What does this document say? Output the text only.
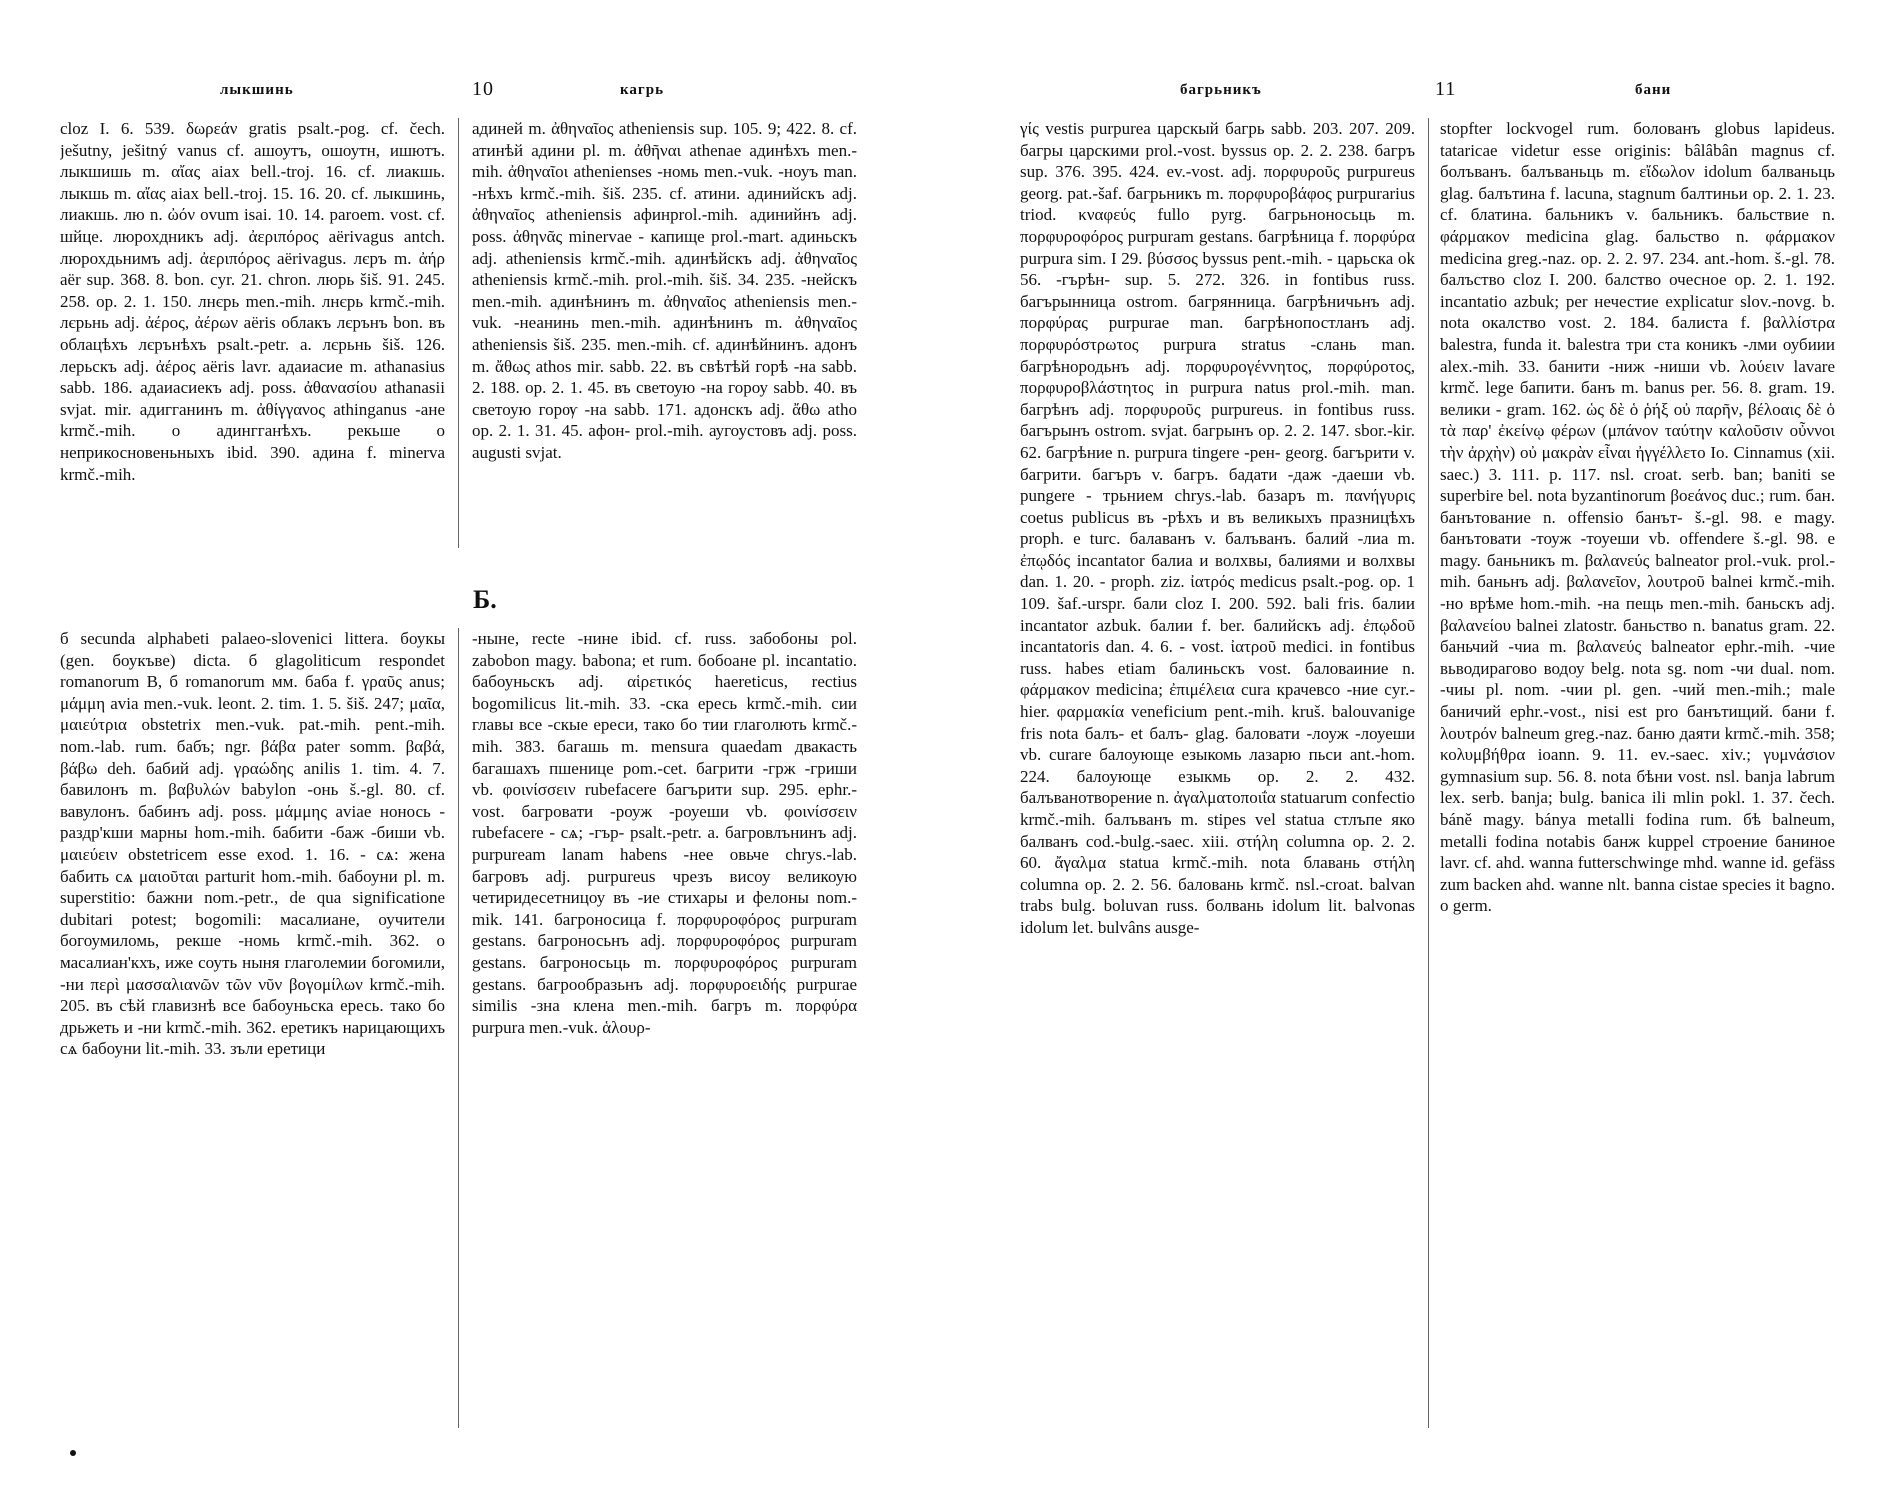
лыкшинь	10	кагрь

cloz I. 6. 539. δωρεάν gratis psalt.-pog. cf. čech. ješutny, ješitný vanus cf. ашоутъ, ошоутн, ишютъ. лыкшишь m. αἴας aiax bell.-troj. 16. cf. лиакшь. лыкшь m. αἴας aiax bell.-troj. 15. 16. 20. cf. лыкшинь, лиакшь. лю n. ὠόν ovum isai. 10. 14. paroem. vost. cf. шйце. люрохдникъ adj. ἀεριπόρος aërivagus antch. люрохдьнимъ adj. ἀεριπόρος aërivagus. лєръ m. ἀήρ aër sup. 368. 8. bon. cyr. 21. chron. люрь šiš. 91. 245. 258. op. 2. 1. 150. лнєрь men.-mih. лнєрь krmč.-mih. лєрьнь adj. ἀέρος, ἀέρων aëris облакъ лєрънъ bon. въ облацѣхъ лєрънѣхъ psalt.-petr. a. лєрьнь šiš. 126. лерьскъ adj. ἀέρος aëris lavr. адаиасие m. athanasius sabb. 186. адаиасиекъ adj. poss. ἀθανασίου athanasii svjat. mir. адигганинъ m. ἀθίγγανος athinganus -ане krmč.-mih. о адингганѣхъ. рекьше о неприкосновеньныхъ ibid. 390. адина f. minerva krmč.-mih.

адиней m. ἀθηναῖος atheniensis sup. 105. 9; 422. 8. cf. атинѣй адини pl. m. ἀθῆναι athenae адинѣхъ men.-mih. ἀθηναῖοι athenienses -номь men.-vuk. -ноуъ man. -нѣхъ krmč.-mih. šiš. 235. cf. атини. адинийскъ adj. ἀθηναῖος atheniensis афинprol.-mih. адинийнъ adj. poss. ἀθηνᾶς minervae - капище prol.-mart. адиньскъ adj. atheniensis krmč.-mih. адинѣйскъ adj. ἀθηναῖος atheniensis krmč.-mih. prol.-mih. šiš. 34. 235. -нейскъ men.-mih. адинѣнинъ m. ἀθηναῖος atheniensis men.-vuk. -неанинь men.-mih. адинѣнинъ m. ἀθηναῖος atheniensis šiš. 235. men.-mih. cf. адинѣйнинъ. адонъ m. ἄθως athos mir. sabb. 22. въ свѣтѣй горѣ -на sabb. 2. 188. op. 2. 1. 45. въ светоую -на гороу sabb. 40. въ светоую горѹ -на sabb. 171. адонскъ adj. ἄθω atho op. 2. 1. 31. 45. афон- prol.-mih. аугоустовъ adj. poss. augusti svjat.

Б.

б secunda alphabeti palaeo-slovenici littera. боукы (gen. боукъве) dicta. б glagoliticum respondet romanorum B, б romanorum мм. баба f. γραῦς anus; μάμμη avia men.-vuk. leont. 2. tim. 1. 5. šiš. 247; μαῖα, μαιεύτρια obstetrix men.-vuk. pat.-mih. pent.-mih. nom.-lab. rum. бабъ; ngr. βάβα pater somm. βαβά, βάβω deh. бабий adj. γραώδης anilis 1. tim. 4. 7. бавилонъ m. βαβυλών babylon -онь š.-gl. 80. cf. вавулонъ. бабинъ adj. poss. μάμμης aviae нонось - раздр'кши марны hom.-mih. бабити -баж -биши vb. μαιεύειν obstetricem esse exod. 1. 16. - сѧ: жена бабить сѧ μαιοῦται parturit hom.-mih. бабоуни pl. m. superstitio: бажни nom.-petr., de qua significatione dubitari potest; bogomili: масалиане, оучители богоумиломь, рекше -номь krmč.-mih. 362. о масалиан'кхъ, иже соуть ныня глаголемии богомили, -ни περὶ μασσαλιανῶν τῶν νῦν βογομίλων krmč.-mih. 205. въ сѣй главизнѣ все бабоуньска ересь. тако бо дрьжеть и -ни krmč.-mih. 362. еретикъ нарицающихъ сѧ бабоуни lit.-mih. 33. зъли еретици

-ныне, recte -нине ibid. cf. russ. забобоны pol. zabobon magy. babona; et rum. бобоане pl. incantatio. бабоуньскъ adj. αἱρετικός haereticus, rectius bogomilicus lit.-mih. 33. -ска ересь krmč.-mih. сии главы все -скые ереси, тако бо тии глаголють krmč.-mih. 383. багашь m. mensura quaedam двакасть багашахъ пшенице pom.-cet. багрити -грж -гриши vb. φοινίσσειν rubefacere багърити sup. 295. ephr.-vost. багровати -роуж -роуеши vb. φοινίσσειν rubefacere - сѧ; -гър- psalt.-petr. a. багровлънинъ adj. purpuream lanam habens -нее овьче chrys.-lab. багровъ adj. purpureus чрезъ висоу великоую четиридесетницоу въ -ие стихары и фелоны nom.-mik. 141. багроносица f. πορφυροφόρος purpuram gestans. багроносьнъ adj. πορφυροφόρος purpuram gestans. багроносьць m. πορφυροφόρος purpuram gestans. багрообразьнъ adj. πορφυροειδής purpurae similis -зна клена men.-mih. багръ m. πορφύρα purpura men.-vuk. ἁλουρ-

багрьникъ	11	бани

γίς vestis purpurea царскый багрь sabb. 203. 207. 209. багры царскими prol.-vost. byssus op. 2. 2. 238. багръ sup. 376. 395. 424. ev.-vost. adj. πορφυροῦς purpureus georg. pat.-šaf. багрьникъ m. πορφυροβάφος purpurarius triod. κναφεύς fullo pyrg. багрьноносьць m. πορφυροφόρος purpuram gestans. багрѣница f. πορφύρα purpura sim. I 29. βύσσος byssus pent.-mih. - царьска ok 56. -гърѣн- sup. 5. 272. 326. in fontibus russ. багърынница ostrom. багрянница. багрѣничьнъ adj. πορφύρας purpurae man. багрѣнопостланъ adj. πορφυρόστρωτος purpura stratus -слань man. багрѣнородьнъ adj. πορφυρογέννητος, πορφύροτος, πορφυροβλάστητος in purpura natus prol.-mih. man. багрѣнъ adj. πορφυροῦς purpureus. in fontibus russ. багърынъ ostrom. svjat. багрынъ op. 2. 2. 147. sbor.-kir. 62. багрѣние n. purpura tingere -рен- georg. багърити v. багрити. багъръ v. багръ. бадати -даж -даеши vb. pungere - трьнием chrys.-lab. базаръ m. πανήγυρις coetus publicus въ -рѣхъ и въ великыхъ празницѣхъ proph. e turc. балаванъ v. балъванъ. балий -лиа m. ἐπῳδός incantator балиа и волхвы, балиями и волхвы dan. 1. 20. - proph. ziz. ἰατρός medicus psalt.-pog. op. 1 109. šaf.-urspr. бали cloz I. 200. 592. bali fris. балии incantator azbuk. балии f. ber. балийскъ adj. ἐπῳδοῦ incantatoris dan. 4. 6. - vost. ἰατροῦ medici. in fontibus russ. habes etiam балиньскъ vost. баловаиние n. φάρμακον medicina; ἐπιμέλεια cura крачевсо -ние cyr.-hier. φαρμακία veneficium pent.-mih. kruš. balouvanige fris nota балъ- et балъ- glag. баловати -лоуж -лоуеши vb. curare балоующе езыкомь лазарю пьси ant.-hom. 224. балоующе езыкмь op. 2. 2. 432. балъванотворение n. ἀγαλματοποιΐα statuarum confectio krmč.-mih. балъванъ m. stipes vel statua стлъпе яко балванъ cod.-bulg.-saec. xiii. στήλη columna op. 2. 2. 60. ἄγαλμα statua krmč.-mih. nota блавань στήλη columna op. 2. 2. 56. баловань krmč. nsl.-croat. balvan trabs bulg. boluvan russ. болвань idolum lit. balvonas idolum let. bulvâns ausge-

stopfter lockvogel rum. болованъ globus lapideus. tataricae videtur esse originis: bâlâbân magnus cf. болъванъ. балъваньць m. εἴδωλον idolum балваньць glag. балътина f. lacuna, stagnum балтиньи op. 2. 1. 23. cf. блатина. бальникъ v. бальникъ. бальствие n. φάρμακον medicina glag. бальство n. φάρμακον medicina greg.-naz. op. 2. 2. 97. 234. ant.-hom. š.-gl. 78. балъство cloz I. 200. балство очесное op. 2. 1. 192. incantatio azbuk; per нечестие explicatur slov.-novg. b. nota окалство vost. 2. 184. балиста f. βαλλίστρα balestra, funda it. balestra три ста коникъ -лми оубиии alex.-mih. 33. банити -ниж -ниши vb. λούειν lavare krmč. lege бапити. банъ m. banus per. 56. 8. gram. 19. велики - gram. 162. ὡς δὲ ὁ ῥήξ οὐ παρῆν, βέλοαις δὲ ὁ τὰ παρ' ἐκείνῳ φέρων (μπάνον ταύτην καλοῦσιν οὖννοι τὴν ἀρχὴν) οὐ μακρὰν εἶναι ἠγγέλλετο Io. Cinnamus (xii. saec.) 3. 111. p. 117. nsl. croat. serb. ban; baniti se superbire bel. nota byzantinorum βοεάνος duc.; rum. бан. банътование n. offensio банът- š.-gl. 98. e magy. банътовати -тоуж -тоуеши vb. offendere š.-gl. 98. e magy. баньникъ m. βαλανεύς balneator prol.-vuk. prol.-mih. баньнъ adj. βαλανεῖον, λουτροῦ balnei krmč.-mih. -но врѣме hom.-mih. -на пещь men.-mih. баньскъ adj. βαλανείου balnei zlatostr. баньство n. banatus gram. 22. баньчий -чиа m. βαλανεύς balneator ephr.-mih. -чие вьводирагово водоу belg. nota sg. nom -чи dual. nom. -чиы pl. nom. -чии pl. gen. -чий men.-mih.; male баничий ephr.-vost., nisi est pro банътищий. бани f. λουτρόν balneum greg.-naz. баню даяти krmč.-mih. 358; κολυμβήθρα ioann. 9. 11. ev.-saec. xiv.; γυμνάσιον gymnasium sup. 56. 8. nota бѣни vost. nsl. banja labrum lex. serb. banja; bulg. banica ili mlin pokl. 1. 37. čech. báně magy. bánya metalli fodina rum. бѣ balneum, metalli fodina notabis банж kuppel строение баниное lavr. cf. ahd. wanna futterschwinge mhd. wanne id. gefäss zum backen ahd. wanne nlt. banna cistae species it bagno. o germ.
